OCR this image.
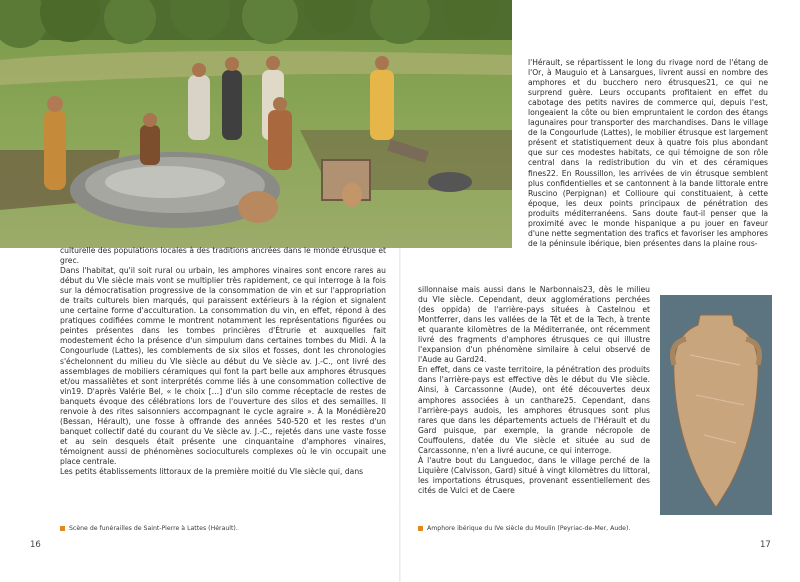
culturelle des populations locales à des traditions ancrées dans le monde étrusque et grec.

Dans l'habitat, qu'il soit rural ou urbain, les amphores vinaires sont encore rares au début du VIe siècle mais vont se multiplier très rapidement, ce qui interroge à la fois sur la démocratisation progressive de la consommation de vin et sur l'appropriation de traits culturels bien marqués, qui paraissent extérieurs à la région et signalent une certaine forme d'acculturation. La consommation du vin, en effet, répond à des pratiques codifiées comme le montrent notamment les représentations figurées ou peintes présentes dans les tombes princières d'Étrurie et auxquelles fait modestement écho la présence d'un simpulum dans certaines tombes du Midi. À la Congourlude (Lattes), les comblements de six silos et fosses, dont les chronologies s'échelonnent du milieu du VIe siècle au début du Ve siècle av. J.-C., ont livré des assemblages de mobiliers céramiques qui font la part belle aux amphores étrusques et/ou massaliètes et sont interprétés comme liés à une consommation collective de vin19. D'après Valérie Bel, « le choix […] d'un silo comme réceptacle de restes de banquets évoque des célébrations lors de l'ouverture des silos et des semailles. Il renvoie à des rites saisonniers accompagnant le cycle agraire ». À la Monédière20 (Bessan, Hérault), une fosse à offrande des années 540-520 et les restes d'un banquet collectif daté du courant du Ve siècle av. J.-C., rejetés dans une vaste fosse et au sein desquels était présente une cinquantaine d'amphores vinaires, témoignent aussi de phénomènes socioculturels complexes où le vin occupait une place centrale.

Les petits établissements littoraux de la première moitié du VIe siècle qui, dans

l'Hérault, se répartissent le long du rivage nord de l'étang de l'Or, à Mauguio et à Lansargues, livrent aussi en nombre des amphores et du bucchero nero étrusques21, ce qui ne surprend guère. Leurs occupants profitaient en effet du cabotage des petits navires de commerce qui, depuis l'est, longeaient la côte ou bien empruntaient le cordon des étangs lagunaires pour transporter des marchandises. Dans le village de la Congourlude (Lattes), le mobilier étrusque est largement présent et statistiquement deux à quatre fois plus abondant que sur ces modestes habitats, ce qui témoigne de son rôle central dans la redistribution du vin et des céramiques fines22. En Roussillon, les arrivées de vin étrusque semblent plus confidentielles et se cantonnent à la bande littorale entre Ruscino (Perpignan) et Collioure qui constituaient, à cette époque, les deux points principaux de pénétration des produits méditerranéens. Sans doute faut-il penser que la proximité avec le monde hispanique a pu jouer en faveur d'une nette segmentation des trafics et favoriser les amphores de la péninsule ibérique, bien présentes dans la plaine rous-

sillonnaise mais aussi dans le Narbonnais23, dès le milieu du VIe siècle. Cependant, deux agglomérations perchées (des oppida) de l'arrière-pays situées à Castelnou et Montferrer, dans les vallées de la Têt et de la Tech, à trente et quarante kilomètres de la Méditerranée, ont récemment livré des fragments d'amphores étrusques ce qui illustre l'expansion d'un phénomène similaire à celui observé de l'Aude au Gard24.

En effet, dans ce vaste territoire, la pénétration des produits dans l'arrière-pays est effective dès le début du VIe siècle. Ainsi, à Carcassonne (Aude), ont été découvertes deux amphores associées à un canthare25. Cependant, dans l'arrière-pays audois, les amphores étrusques sont plus rares que dans les départements actuels de l'Hérault et du Gard puisque, par exemple, la grande nécropole de Couffoulens, datée du VIe siècle et située au sud de Carcassonne, n'en a livré aucune, ce qui interroge.

À l'autre bout du Languedoc, dans le village perché de la Liquière (Calvisson, Gard) situé à vingt kilomètres du littoral, les importations étrusques, provenant essentiellement des cités de Vulci et de Caere

Scène de funérailles de Saint-Pierre à Lattes (Hérault).	Amphore ibérique du IVe siècle du Moulin (Peyriac-de-Mer, Aude).
16	17
